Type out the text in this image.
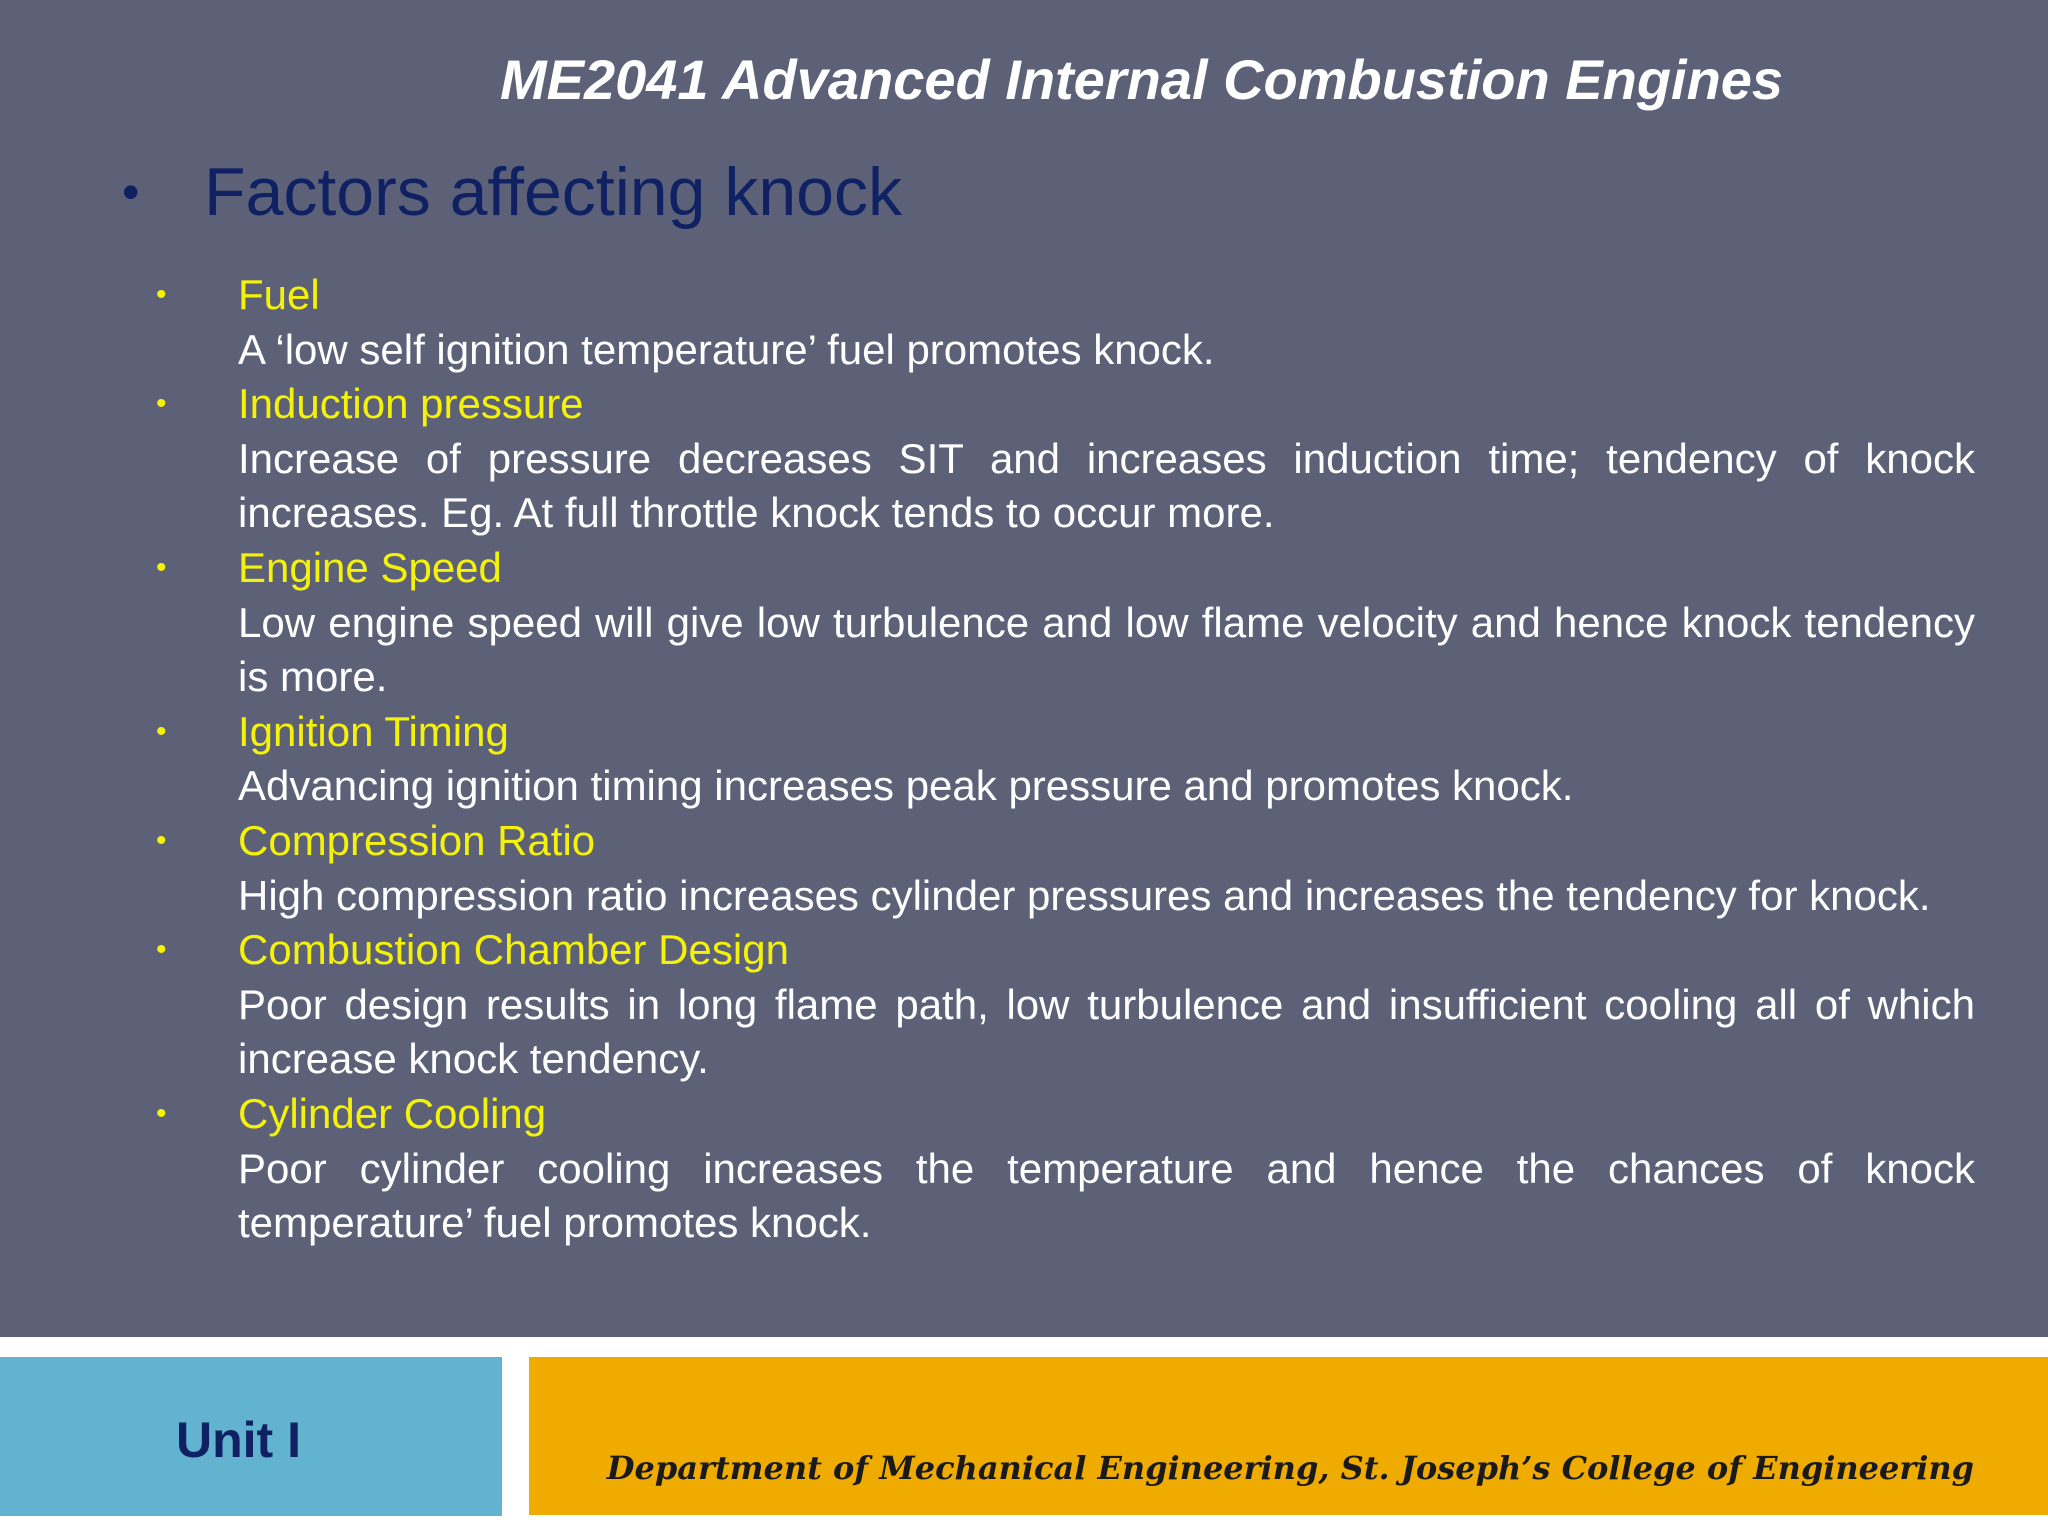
ME2041 Advanced Internal Combustion Engines
• Factors affecting knock
• Fuel
A ‘low self ignition temperature’ fuel promotes knock.
• Induction pressure
Increase of pressure decreases SIT and increases induction time; tendency of knock increases. Eg. At full throttle knock tends to occur more.
• Engine Speed
Low engine speed will give low turbulence and low flame velocity and hence knock tendency is more.
• Ignition Timing
Advancing ignition timing increases peak pressure and promotes knock.
• Compression Ratio
High compression ratio increases cylinder pressures and increases the tendency for knock.
• Combustion Chamber Design
Poor design results in long flame path, low turbulence and insufficient cooling all of which increase knock tendency.
• Cylinder Cooling
Poor cylinder cooling increases the temperature and hence the chances of knock temperature’ fuel promotes knock.
Unit I	Department of Mechanical Engineering, St. Joseph’s College of Engineering
